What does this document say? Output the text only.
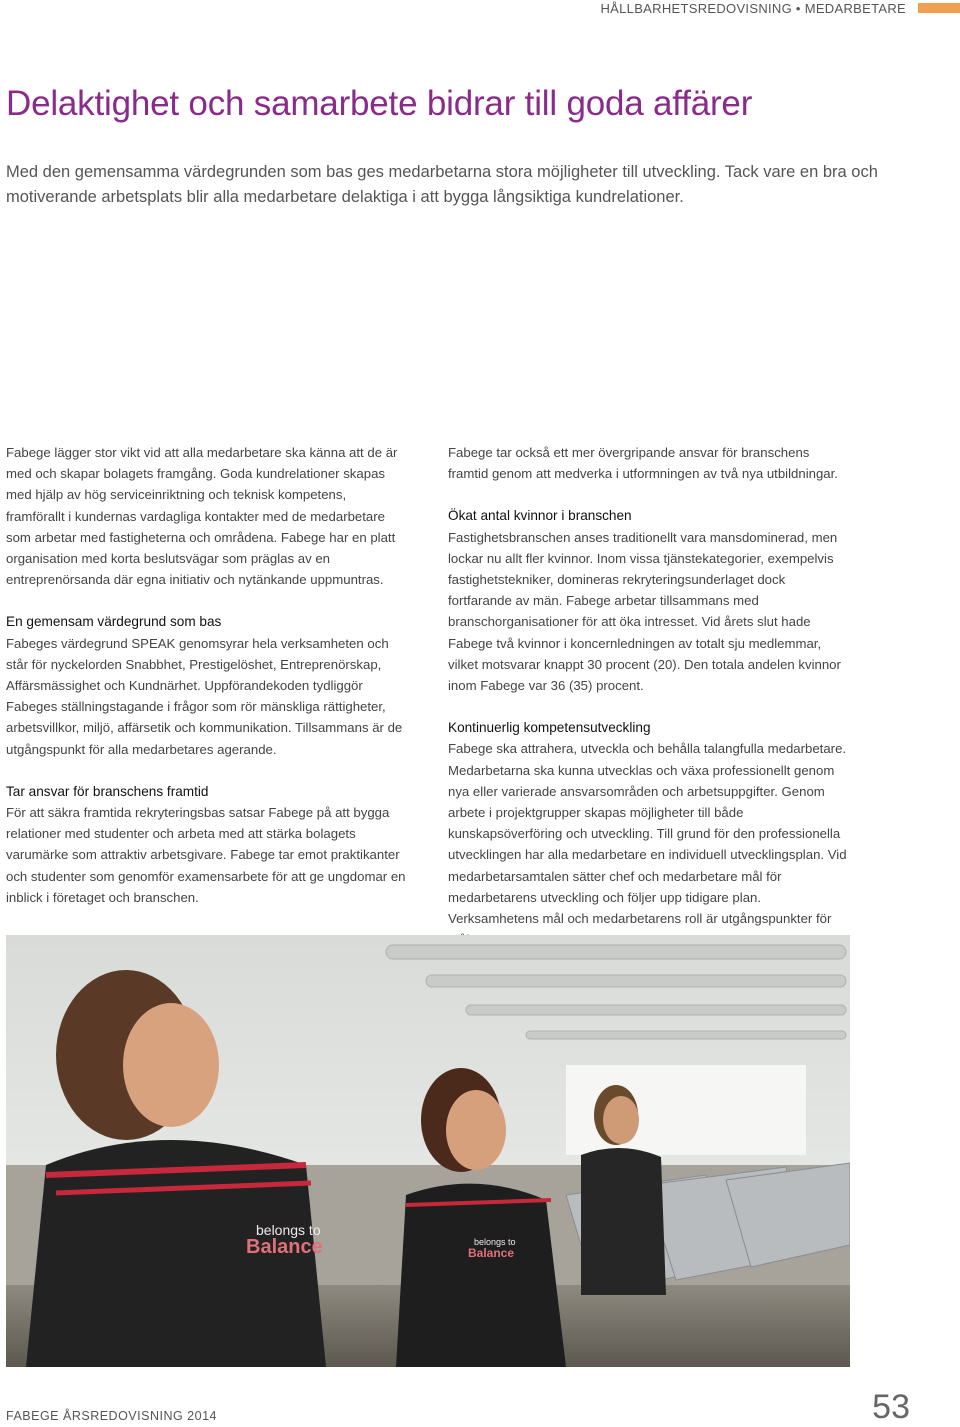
HÅLLBARHETSREDOVISNING • MEDARBETARE
Delaktighet och samarbete bidrar till goda affärer

Med den gemensamma värdegrunden som bas ges medarbetarna stora möjligheter till utveckling. Tack vare en bra och motiverande arbetsplats blir alla medarbetare delaktiga i att bygga långsiktiga kundrelationer.

Fabege lägger stor vikt vid att alla medarbetare ska känna att de är med och skapar bolagets framgång. Goda kundrelationer skapas med hjälp av hög serviceinriktning och teknisk kompetens, framförallt i kundernas vardagliga kontakter med de medarbetare som arbetar med fastigheterna och områdena. Fabege har en platt organisation med korta beslutsvägar som präglas av en entreprenörsanda där egna initiativ och nytänkande uppmuntras.

En gemensam värdegrund som bas

Fabeges värdegrund SPEAK genomsyrar hela verksamheten och står för nyckelorden Snabbhet, Prestigelöshet, Entreprenörskap, Affärsmässighet och Kundnärhet. Uppförandekoden tydliggör Fabeges ställningstagande i frågor som rör mänskliga rättigheter, arbetsvillkor, miljö, affärsetik och kommunikation. Tillsammans är de utgångspunkt för alla medarbetares agerande.

Tar ansvar för branschens framtid

För att säkra framtida rekryteringsbas satsar Fabege på att bygga relationer med studenter och arbeta med att stärka bolagets varumärke som attraktiv arbetsgivare. Fabege tar emot praktikanter och studenter som genomför examensarbete för att ge ungdomar en inblick i företaget och branschen.

Fabege tar också ett mer övergripande ansvar för branschens framtid genom att medverka i utformningen av två nya utbildningar.

Ökat antal kvinnor i branschen

Fastighetsbranschen anses traditionellt vara mansdominerad, men lockar nu allt fler kvinnor. Inom vissa tjänstekategorier, exempelvis fastighetstekniker, domineras rekryteringsunderlaget dock fortfarande av män. Fabege arbetar tillsammans med branschorganisationer för att öka intresset. Vid årets slut hade Fabege två kvinnor i koncernledningen av totalt sju medlemmar, vilket motsvarar knappt 30 procent (20). Den totala andelen kvinnor inom Fabege var 36 (35) procent.

Kontinuerlig kompetensutveckling

Fabege ska attrahera, utveckla och behålla talangfulla medarbetare. Medarbetarna ska kunna utvecklas och växa professionellt genom nya eller varierade ansvarsområden och arbetsuppgifter. Genom arbete i projektgrupper skapas möjligheter till både kunskapsöverföring och utveckling. Till grund för den professionella utvecklingen har alla medarbetare en individuell utvecklingsplan. Vid medarbetarsamtalen sätter chef och medarbetare mål för medarbetarens utveckling och följer upp tidigare plan. Verksamhetens mål och medarbetarens roll är utgångspunkter för

belongs to
Balance	belongs to
Balance
FABEGE ÅRSREDOVISNING 2014	53
